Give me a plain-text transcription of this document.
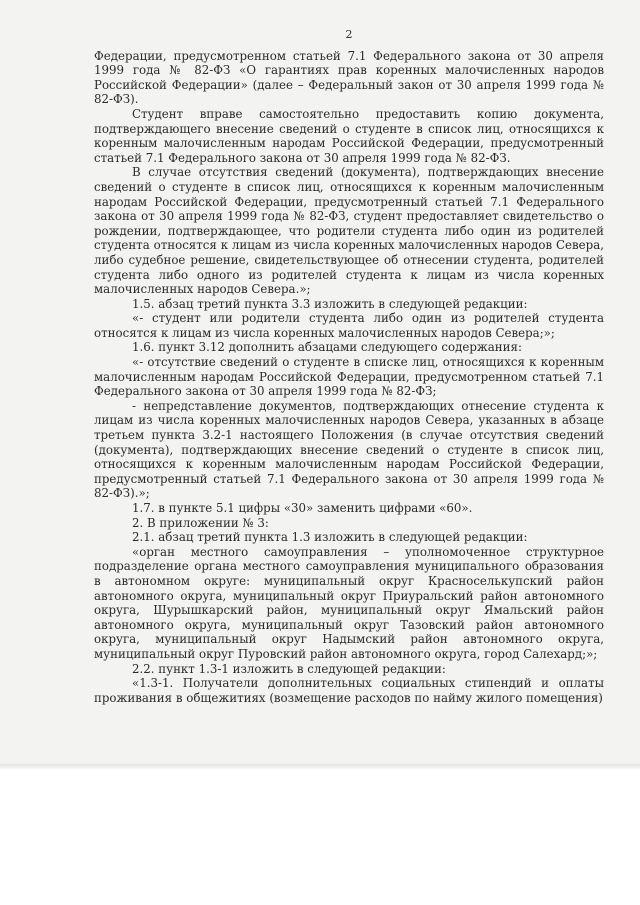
2

Федерации, предусмотренном статьей 7.1 Федерального закона от 30 апреля 1999 года № 82-ФЗ «О гарантиях прав коренных малочисленных народов Российской Федерации» (далее – Федеральный закон от 30 апреля 1999 года № 82-ФЗ).

Студент вправе самостоятельно предоставить копию документа, подтверждающего внесение сведений о студенте в список лиц, относящихся к коренным малочисленным народам Российской Федерации, предусмотренный статьей 7.1 Федерального закона от 30 апреля 1999 года № 82-ФЗ.

В случае отсутствия сведений (документа), подтверждающих внесение сведений о студенте в список лиц, относящихся к коренным малочисленным народам Российской Федерации, предусмотренный статьей 7.1 Федерального закона от 30 апреля 1999 года № 82-ФЗ, студент предоставляет свидетельство о рождении, подтверждающее, что родители студента либо один из родителей студента относятся к лицам из числа коренных малочисленных народов Севера, либо судебное решение, свидетельствующее об отнесении студента, родителей студента либо одного из родителей студента к лицам из числа коренных малочисленных народов Севера.»;

1.5. абзац третий пункта 3.3 изложить в следующей редакции:

«- студент или родители студента либо один из родителей студента относятся к лицам из числа коренных малочисленных народов Севера;»;

1.6. пункт 3.12 дополнить абзацами следующего содержания:

«- отсутствие сведений о студенте в списке лиц, относящихся к коренным малочисленным народам Российской Федерации, предусмотренном статьей 7.1 Федерального закона от 30 апреля 1999 года № 82-ФЗ;

- непредставление документов, подтверждающих отнесение студента к лицам из числа коренных малочисленных народов Севера, указанных в абзаце третьем пункта 3.2-1 настоящего Положения (в случае отсутствия сведений (документа), подтверждающих внесение сведений о студенте в список лиц, относящихся к коренным малочисленным народам Российской Федерации, предусмотренный статьей 7.1 Федерального закона от 30 апреля 1999 года № 82-ФЗ).»;

1.7. в пункте 5.1 цифры «30» заменить цифрами «60».

2. В приложении № 3:

2.1. абзац третий пункта 1.3 изложить в следующей редакции:

«орган местного самоуправления – уполномоченное структурное подразделение органа местного самоуправления муниципального образования в автономном округе: муниципальный округ Красноселькупский район автономного округа, муниципальный округ Приуральский район автономного округа, Шурышкарский район, муниципальный округ Ямальский район автономного округа, муниципальный округ Тазовский район автономного округа, муниципальный округ Надымский район автономного округа, муниципальный округ Пуровский район автономного округа, город Салехард;»;

2.2. пункт 1.3-1 изложить в следующей редакции:

«1.3-1. Получатели дополнительных социальных стипендий и оплаты проживания в общежитиях (возмещение расходов по найму жилого помещения)
